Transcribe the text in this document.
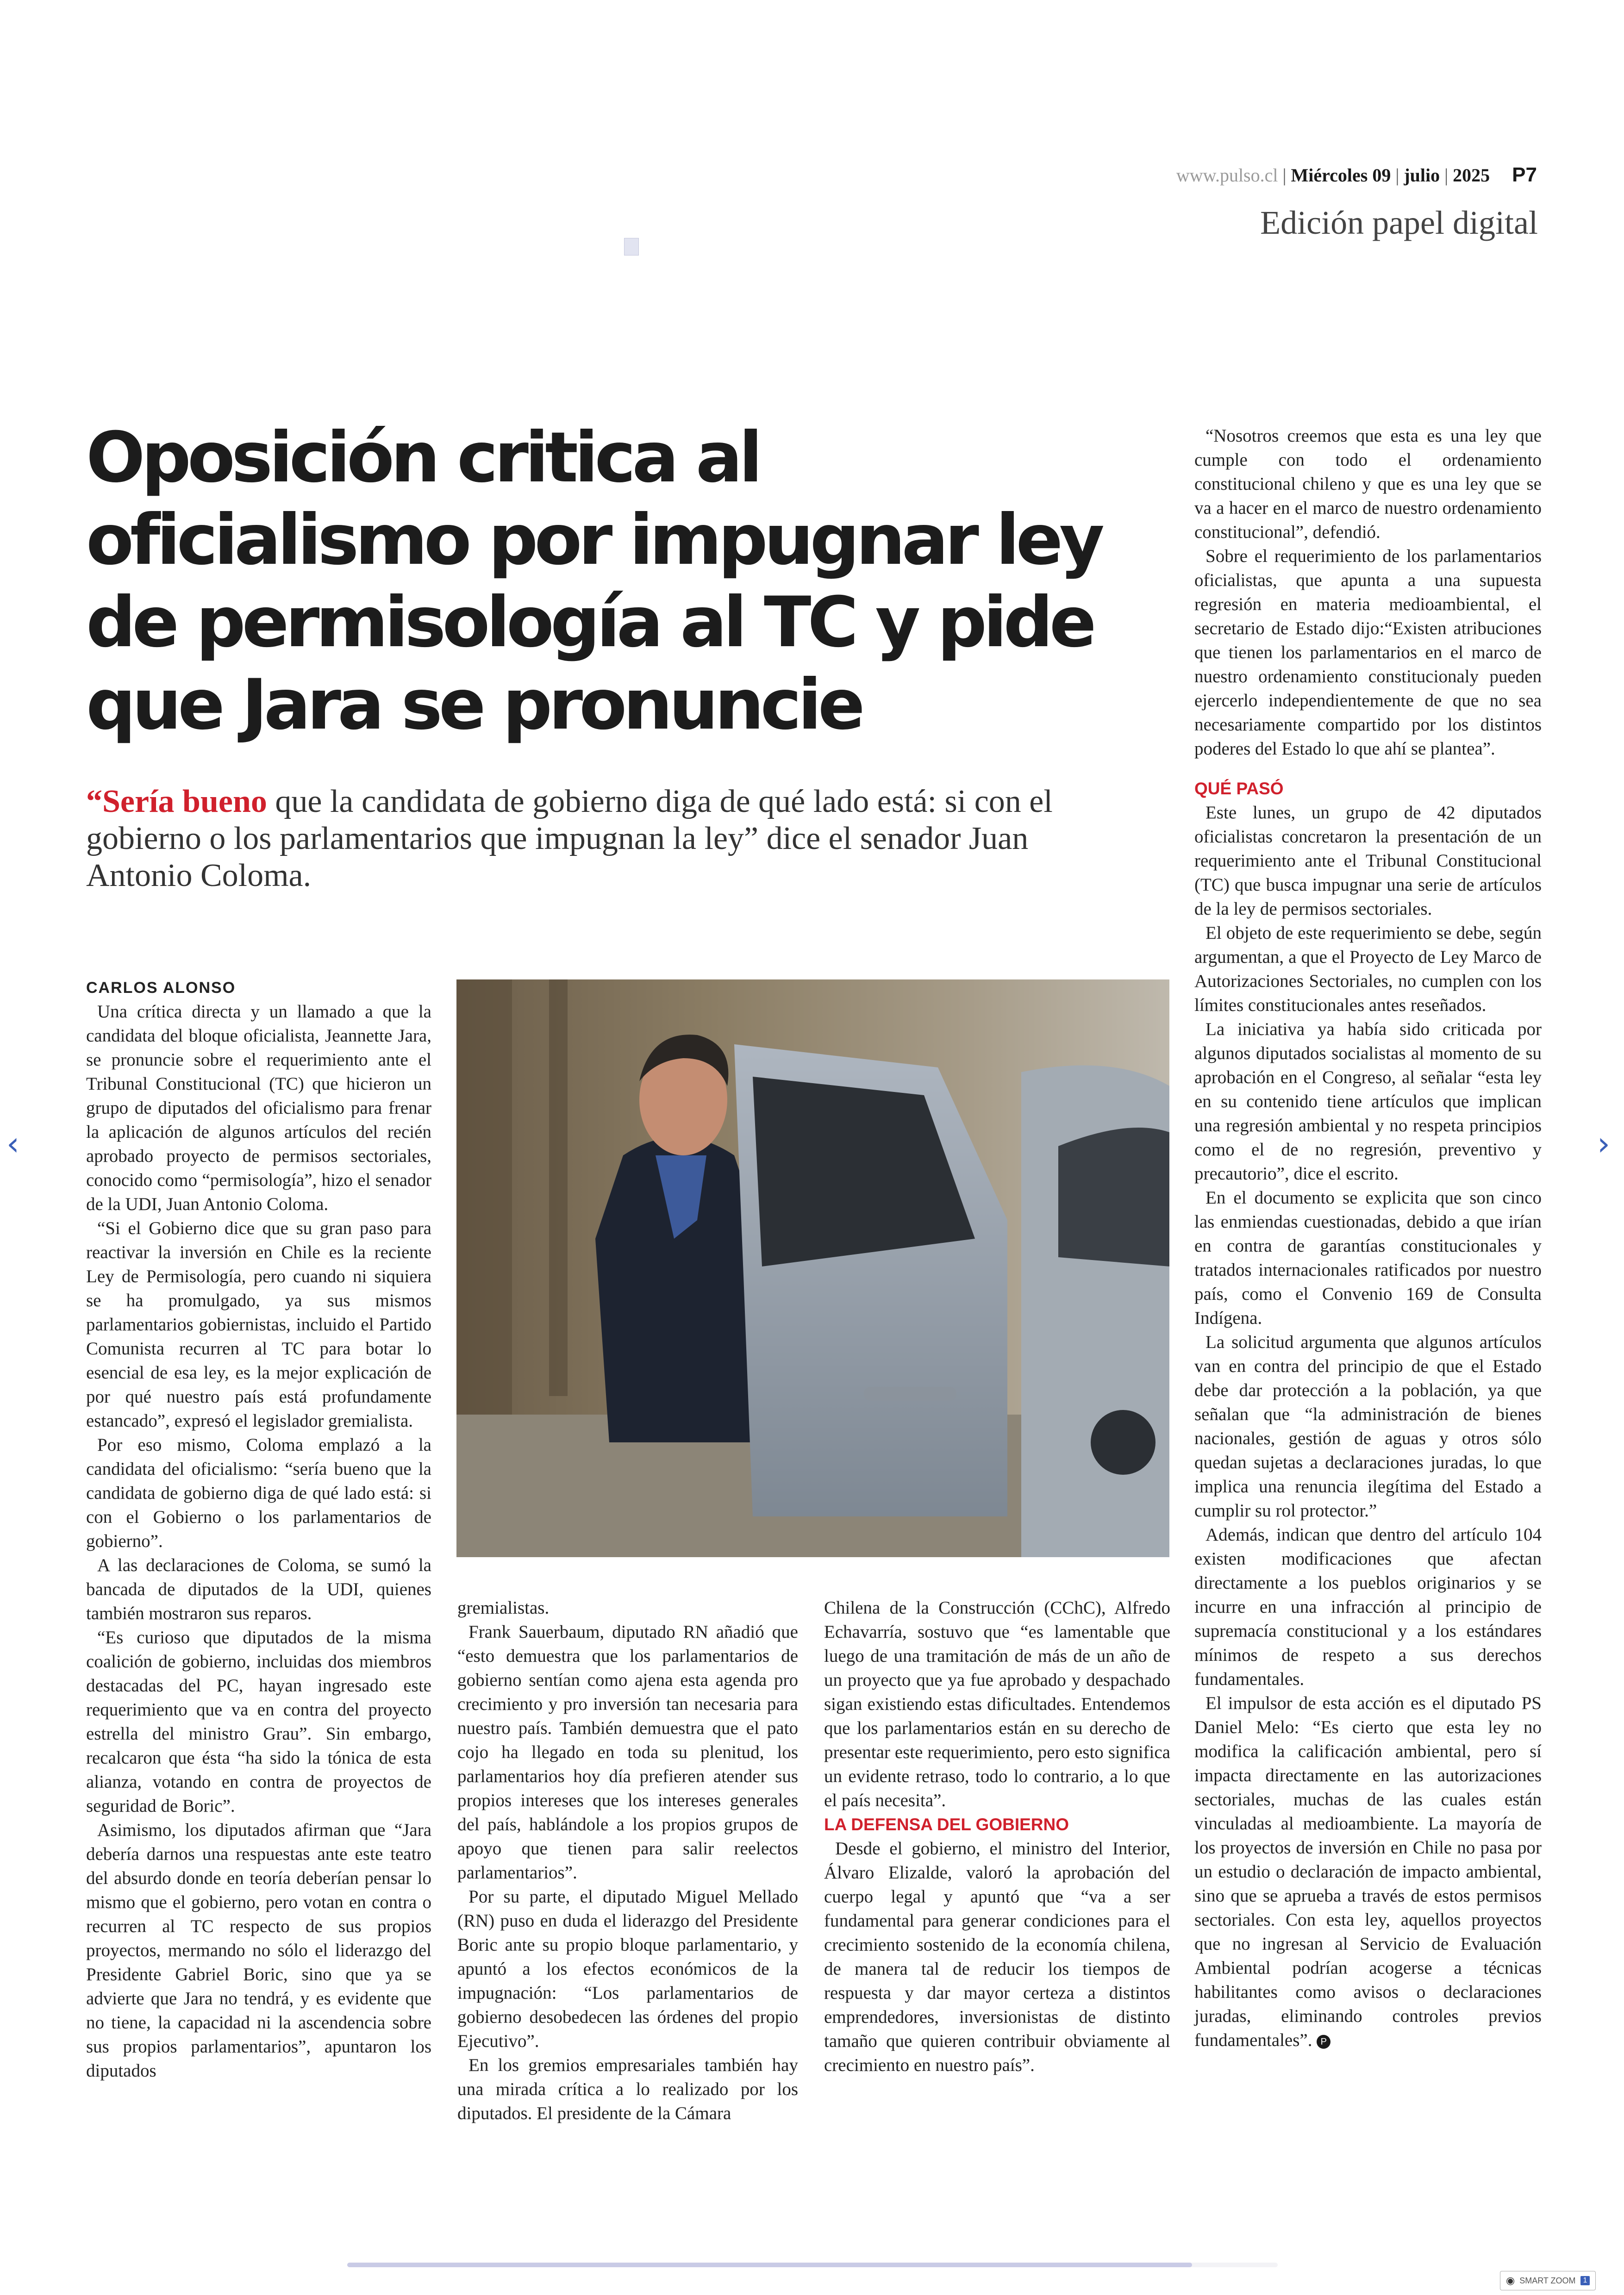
www.pulso.cl | Miércoles 09 | julio | 2025 P7
Edición papel digital
Oposición critica al oficialismo por impugnar ley de permisología al TC y pide que Jara se pronuncie

“Sería bueno que la candidata de gobierno diga de qué lado está: si con el gobierno o los parlamentarios que impugnan la ley” dice el senador Juan Antonio Coloma.

CARLOS ALONSO

Una crítica directa y un llamado a que la candidata del bloque oficialista, Jeannette Jara, se pronuncie sobre el requerimiento ante el Tribunal Constitucional (TC) que hicieron un grupo de diputados del oficialismo para frenar la aplicación de algunos artículos del recién aprobado proyecto de permisos sectoriales, conocido como “permisología”, hizo el senador de la UDI, Juan Antonio Coloma.

“Si el Gobierno dice que su gran paso para reactivar la inversión en Chile es la reciente Ley de Permisología, pero cuando ni siquiera se ha promulgado, ya sus mismos parlamentarios gobiernistas, incluido el Partido Comunista recurren al TC para botar lo esencial de esa ley, es la mejor explicación de por qué nuestro país está profundamente estancado”, expresó el legislador gremialista.

Por eso mismo, Coloma emplazó a la candidata del oficialismo: “sería bueno que la candidata de gobierno diga de qué lado está: si con el Gobierno o los parlamentarios de gobierno”.

A las declaraciones de Coloma, se sumó la bancada de diputados de la UDI, quienes también mostraron sus reparos.

“Es curioso que diputados de la misma coalición de gobierno, incluidas dos miembros destacadas del PC, hayan ingresado este requerimiento que va en contra del proyecto estrella del ministro Grau”. Sin embargo, recalcaron que ésta “ha sido la tónica de esta alianza, votando en contra de proyectos de seguridad de Boric”.

Asimismo, los diputados afirman que “Jara debería darnos una respuestas ante este teatro del absurdo donde en teoría deberían pensar lo mismo que el gobierno, pero votan en contra o recurren al TC respecto de sus propios proyectos, mermando no sólo el liderazgo del Presidente Gabriel Boric, sino que ya se advierte que Jara no tendrá, y es evidente que no tiene, la capacidad ni la ascendencia sobre sus propios parlamentarios”, apuntaron los diputados

gremialistas.

Frank Sauerbaum, diputado RN añadió que “esto demuestra que los parlamentarios de gobierno sentían como ajena esta agenda pro crecimiento y pro inversión tan necesaria para nuestro país. También demuestra que el pato cojo ha llegado en toda su plenitud, los parlamentarios hoy día prefieren atender sus propios intereses que los intereses generales del país, hablándole a los propios grupos de apoyo que tienen para salir reelectos parlamentarios”.

Por su parte, el diputado Miguel Mellado (RN) puso en duda el liderazgo del Presidente Boric ante su propio bloque parlamentario, y apuntó a los efectos económicos de la impugnación: “Los parlamentarios de gobierno desobedecen las órdenes del propio Ejecutivo”.

En los gremios empresariales también hay una mirada crítica a lo realizado por los diputados. El presidente de la Cámara

Chilena de la Construcción (CChC), Alfredo Echavarría, sostuvo que “es lamentable que luego de una tramitación de más de un año de un proyecto que ya fue aprobado y despachado sigan existiendo estas dificultades. Entendemos que los parlamentarios están en su derecho de presentar este requerimiento, pero esto significa un evidente retraso, todo lo contrario, a lo que el país necesita”.

LA DEFENSA DEL GOBIERNO

Desde el gobierno, el ministro del Interior, Álvaro Elizalde, valoró la aprobación del cuerpo legal y apuntó que “va a ser fundamental para generar condiciones para el crecimiento sostenido de la economía chilena, de manera tal de reducir los tiempos de respuesta y dar mayor certeza a distintos emprendedores, inversionistas de distinto tamaño que quieren contribuir obviamente al crecimiento en nuestro país”.

“Nosotros creemos que esta es una ley que cumple con todo el ordenamiento constitucional chileno y que es una ley que se va a hacer en el marco de nuestro ordenamiento constitucional”, defendió.

Sobre el requerimiento de los parlamentarios oficialistas, que apunta a una supuesta regresión en materia medioambiental, el secretario de Estado dijo:“Existen atribuciones que tienen los parlamentarios en el marco de nuestro ordenamiento constitucionaly pueden ejercerlo independientemente de que no sea necesariamente compartido por los distintos poderes del Estado lo que ahí se plantea”.

QUÉ PASÓ

Este lunes, un grupo de 42 diputados oficialistas concretaron la presentación de un requerimiento ante el Tribunal Constitucional (TC) que busca impugnar una serie de artículos de la ley de permisos sectoriales.

El objeto de este requerimiento se debe, según argumentan, a que el Proyecto de Ley Marco de Autorizaciones Sectoriales, no cumplen con los límites constitucionales antes reseñados.

La iniciativa ya había sido criticada por algunos diputados socialistas al momento de su aprobación en el Congreso, al señalar “esta ley en su contenido tiene artículos que implican una regresión ambiental y no respeta principios como el de no regresión, preventivo y precautorio”, dice el escrito.

En el documento se explicita que son cinco las enmiendas cuestionadas, debido a que irían en contra de garantías constitucionales y tratados internacionales ratificados por nuestro país, como el Convenio 169 de Consulta Indígena.

La solicitud argumenta que algunos artículos van en contra del principio de que el Estado debe dar protección a la población, ya que señalan que “la administración de bienes nacionales, gestión de aguas y otros sólo quedan sujetas a declaraciones juradas, lo que implica una renuncia ilegítima del Estado a cumplir su rol protector.”

Además, indican que dentro del artículo 104 existen modificaciones que afectan directamente a los pueblos originarios y se incurre en una infracción al principio de supremacía constitucional y a los estándares mínimos de respeto a sus derechos fundamentales.

El impulsor de esta acción es el diputado PS Daniel Melo: “Es cierto que esta ley no modifica la calificación ambiental, pero sí impacta directamente en las autorizaciones sectoriales, muchas de las cuales están vinculadas al medioambiente. La mayoría de los proyectos de inversión en Chile no pasa por un estudio o declaración de impacto ambiental, sino que se aprueba a través de estos permisos sectoriales. Con esta ley, aquellos proyectos que no ingresan al Servicio de Evaluación Ambiental podrían acogerse a técnicas habilitantes como avisos o declaraciones juradas, eliminando controles previos fundamentales”. P

‹	›
◉ SMART ZOOM	1
